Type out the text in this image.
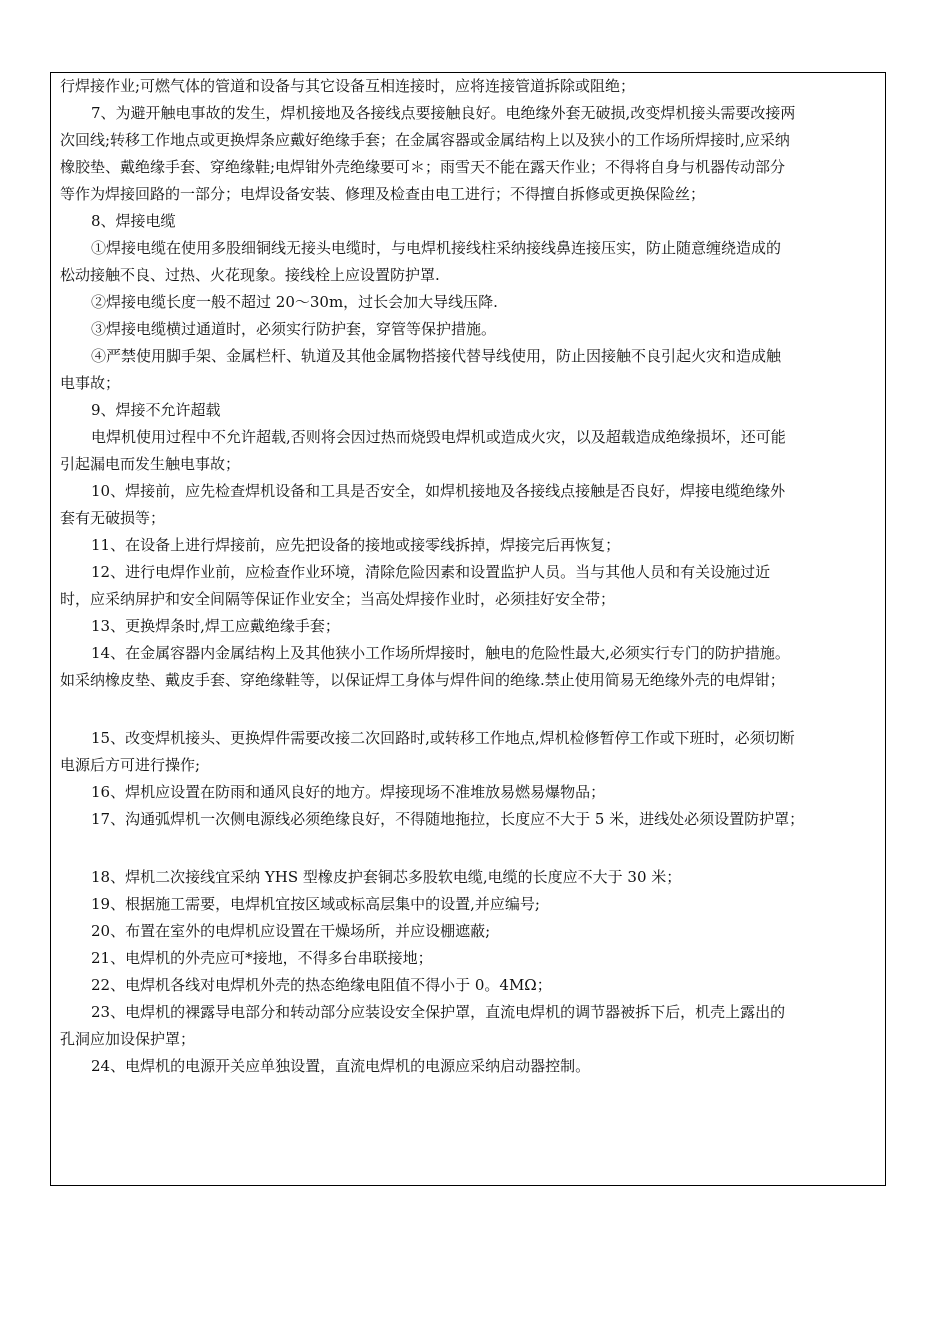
行焊接作业;可燃气体的管道和设备与其它设备互相连接时，应将连接管道拆除或阻绝；
7、为避开触电事故的发生，焊机接地及各接线点要接触良好。电绝缘外套无破损,改变焊机接头需要改接两
次回线;转移工作地点或更换焊条应戴好绝缘手套；在金属容器或金属结构上以及狭小的工作场所焊接时,应采纳
橡胶垫、戴绝缘手套、穿绝缘鞋;电焊钳外壳绝缘要可＊；雨雪天不能在露天作业；不得将自身与机器传动部分
等作为焊接回路的一部分；电焊设备安装、修理及检查由电工进行；不得擅自拆修或更换保险丝；
8、焊接电缆
①焊接电缆在使用多股细铜线无接头电缆时，与电焊机接线柱采纳接线鼻连接压实，防止随意缠绕造成的
松动接触不良、过热、火花现象。接线栓上应设置防护罩.
②焊接电缆长度一般不超过 20～30m，过长会加大导线压降.
③焊接电缆横过通道时，必须实行防护套，穿管等保护措施。
④严禁使用脚手架、金属栏杆、轨道及其他金属物搭接代替导线使用，防止因接触不良引起火灾和造成触
电事故；
9、焊接不允许超载
电焊机使用过程中不允许超载,否则将会因过热而烧毁电焊机或造成火灾，以及超载造成绝缘损坏，还可能
引起漏电而发生触电事故；
10、焊接前，应先检查焊机设备和工具是否安全，如焊机接地及各接线点接触是否良好，焊接电缆绝缘外
套有无破损等；
11、在设备上进行焊接前，应先把设备的接地或接零线拆掉，焊接完后再恢复；
12、进行电焊作业前，应检查作业环境，清除危险因素和设置监护人员。当与其他人员和有关设施过近
时，应采纳屏护和安全间隔等保证作业安全；当高处焊接作业时，必须挂好安全带；
13、更换焊条时,焊工应戴绝缘手套；
14、在金属容器内金属结构上及其他狭小工作场所焊接时，触电的危险性最大,必须实行专门的防护措施。
如采纳橡皮垫、戴皮手套、穿绝缘鞋等，以保证焊工身体与焊件间的绝缘.禁止使用简易无绝缘外壳的电焊钳；
15、改变焊机接头、更换焊件需要改接二次回路时,或转移工作地点,焊机检修暂停工作或下班时，必须切断
电源后方可进行操作;
16、焊机应设置在防雨和通风良好的地方。焊接现场不准堆放易燃易爆物品；
17、沟通弧焊机一次侧电源线必须绝缘良好，不得随地拖拉，长度应不大于 5 米，进线处必须设置防护罩；
18、焊机二次接线宜采纳 YHS 型橡皮护套铜芯多股软电缆,电缆的长度应不大于 30 米；
19、根据施工需要，电焊机宜按区域或标高层集中的设置,并应编号;
20、布置在室外的电焊机应设置在干燥场所，并应设棚遮蔽;
21、电焊机的外壳应可*接地，不得多台串联接地；
22、电焊机各线对电焊机外壳的热态绝缘电阻值不得小于 0。4MΩ；
23、电焊机的裸露导电部分和转动部分应装设安全保护罩，直流电焊机的调节器被拆下后，机壳上露出的
孔洞应加设保护罩；
24、电焊机的电源开关应单独设置，直流电焊机的电源应采纳启动器控制。
